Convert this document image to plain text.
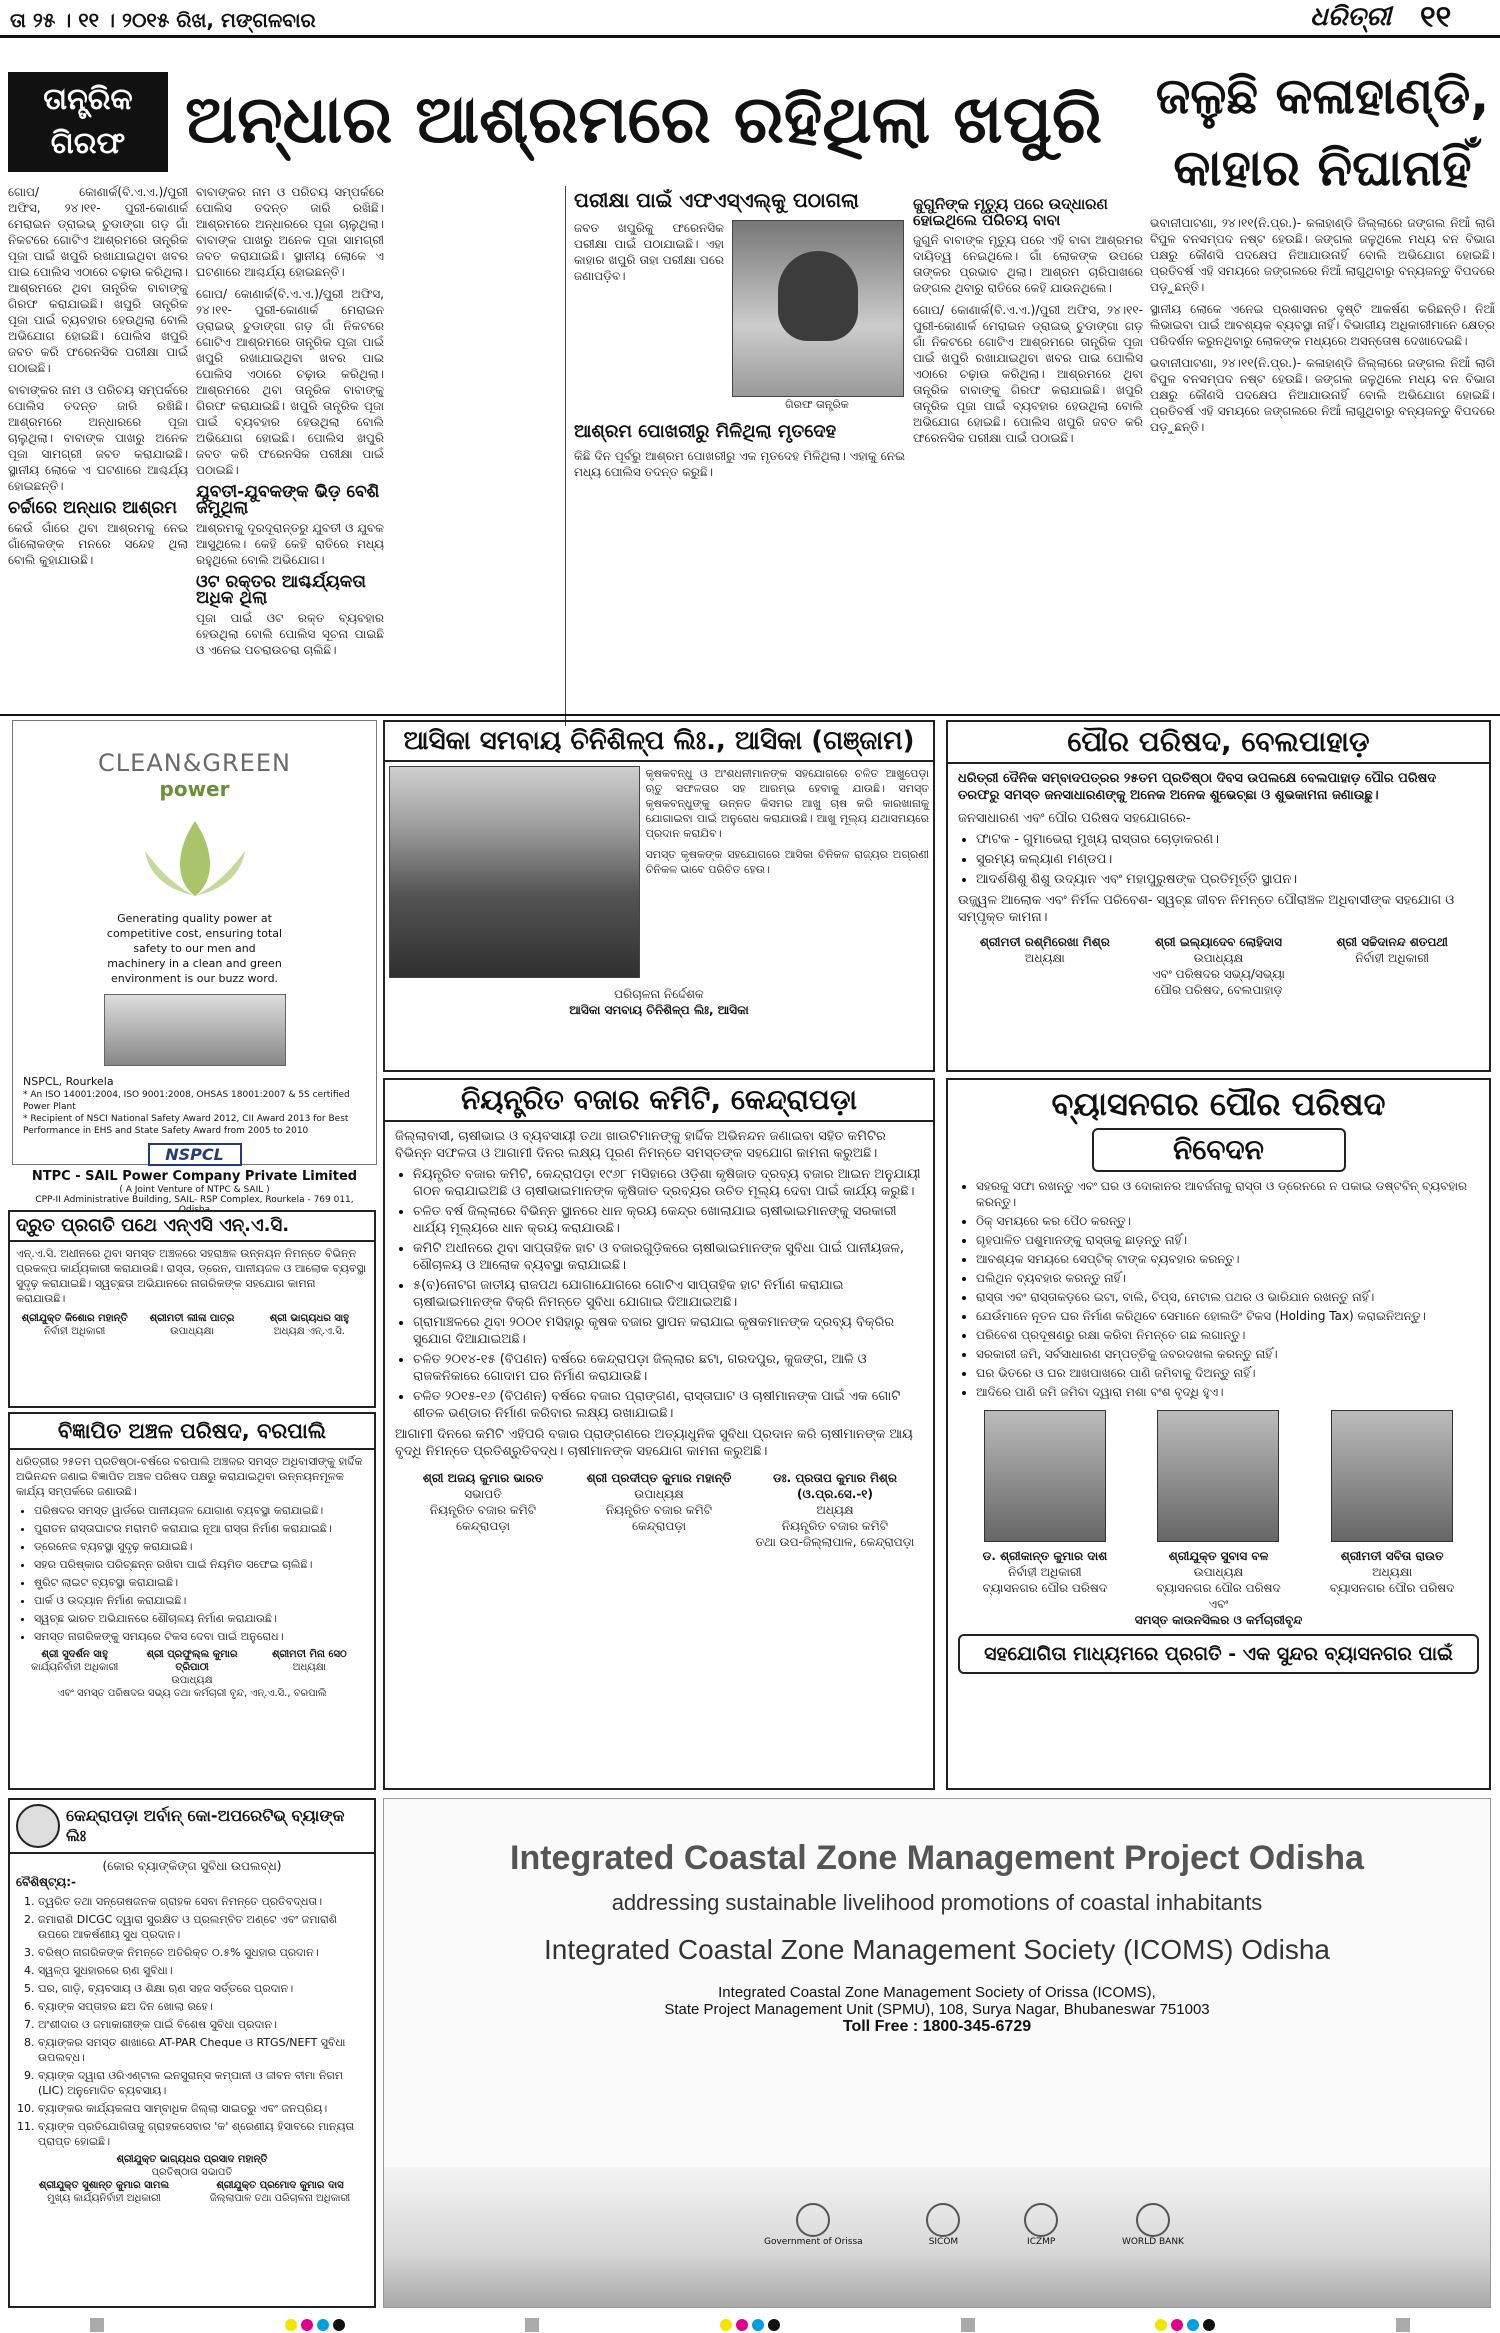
ତା ୨୫ । ୧୧ । ୨୦୧୫ ରିଖ, ମଙ୍ଗଳବାର	ଧରିତ୍ରୀ ୧୧
ତାନ୍ତ୍ରିକ ଗିରଫ ଅନ୍ଧାର ଆଶ୍ରମରେ ରହିଥିଲା ଖପୁରି	ଜଳୁଛି କଳାହାଣ୍ଡି, କାହାର ନିଘାନାହିଁ

ଗୋପ/ କୋଣାର୍କ(ବି.ଏ.ଏ.)/ପୁରୀ ଅଫିସ, ୨୪।୧୧- ପୁରୀ-କୋଣାର୍କ ମେରାଇନ ଡ୍ରାଇଭ୍ ଚୁଡାଙ୍ଗା ଗଡ଼ ଗାଁ ନିକଟରେ ଗୋଟିଏ ଆଶ୍ରମରେ ତାନ୍ତ୍ରିକ ପୂଜା ପାଇଁ ଖପୁରି ରଖାଯାଇଥିବା ଖବର ପାଇ ପୋଲିସ ଏଠାରେ ଚଢ଼ାଉ କରିଥିଲା। ଆଶ୍ରମରେ ଥିବା ତାନ୍ତ୍ରିକ ବାବାଙ୍କୁ ଗିରଫ କରାଯାଇଛି। ଖପୁରି ତାନ୍ତ୍ରିକ ପୂଜା ପାଇଁ ବ୍ୟବହାର ହେଉଥିଲା ବୋଲି ଅଭିଯୋଗ ହୋଇଛି। ପୋଲିସ ଖପୁରି ଜବତ କରି ଫରେନସିକ ପରୀକ୍ଷା ପାଇଁ ପଠାଇଛି।

ବାବାଙ୍କର ନାମ ଓ ପରିଚୟ ସମ୍ପର୍କରେ ପୋଲିସ ତଦନ୍ତ ଜାରି ରଖିଛି। ଆଶ୍ରମରେ ଅନ୍ଧାରରେ ପୂଜା ଚାଲୁଥିଲା। ବାବାଙ୍କ ପାଖରୁ ଅନେକ ପୂଜା ସାମଗ୍ରୀ ଜବତ କରାଯାଇଛି। ସ୍ଥାନୀୟ ଲୋକେ ଏ ଘଟଣାରେ ଆଶ୍ଚର୍ଯ୍ୟ ହୋଇଛନ୍ତି।

ଚର୍ଚ୍ଚାରେ ଅନ୍ଧାର ଆଶ୍ରମ

କେଉଁ ଗାଁରେ ଥିବା ଆଶ୍ରମକୁ ନେଇ ଗାଁଲୋକଙ୍କ ମନରେ ସନ୍ଦେହ ଥିଲା ବୋଲି କୁହାଯାଉଛି।

ବାବାଙ୍କର ନାମ ଓ ପରିଚୟ ସମ୍ପର୍କରେ ପୋଲିସ ତଦନ୍ତ ଜାରି ରଖିଛି। ଆଶ୍ରମରେ ଅନ୍ଧାରରେ ପୂଜା ଚାଲୁଥିଲା। ବାବାଙ୍କ ପାଖରୁ ଅନେକ ପୂଜା ସାମଗ୍ରୀ ଜବତ କରାଯାଇଛି। ସ୍ଥାନୀୟ ଲୋକେ ଏ ଘଟଣାରେ ଆଶ୍ଚର୍ଯ୍ୟ ହୋଇଛନ୍ତି।

ଗୋପ/ କୋଣାର୍କ(ବି.ଏ.ଏ.)/ପୁରୀ ଅଫିସ, ୨୪।୧୧- ପୁରୀ-କୋଣାର୍କ ମେରାଇନ ଡ୍ରାଇଭ୍ ଚୁଡାଙ୍ଗା ଗଡ଼ ଗାଁ ନିକଟରେ ଗୋଟିଏ ଆଶ୍ରମରେ ତାନ୍ତ୍ରିକ ପୂଜା ପାଇଁ ଖପୁରି ରଖାଯାଇଥିବା ଖବର ପାଇ ପୋଲିସ ଏଠାରେ ଚଢ଼ାଉ କରିଥିଲା। ଆଶ୍ରମରେ ଥିବା ତାନ୍ତ୍ରିକ ବାବାଙ୍କୁ ଗିରଫ କରାଯାଇଛି। ଖପୁରି ତାନ୍ତ୍ରିକ ପୂଜା ପାଇଁ ବ୍ୟବହାର ହେଉଥିଲା ବୋଲି ଅଭିଯୋଗ ହୋଇଛି। ପୋଲିସ ଖପୁରି ଜବତ କରି ଫରେନସିକ ପରୀକ୍ଷା ପାଇଁ ପଠାଇଛି।

ଯୁବତୀ-ଯୁବକଙ୍କ ଭିଡ଼ ବେଶି ଜମୁଥିଲା

ଆଶ୍ରମକୁ ଦୂରଦୂରାନ୍ତରୁ ଯୁବତୀ ଓ ଯୁବକ ଆସୁଥିଲେ। କେହି କେହି ରାତିରେ ମଧ୍ୟ ରହୁଥିଲେ ବୋଲି ଅଭିଯୋଗ।

ଓଟ ରକ୍ତର ଆଶ୍ଚର୍ଯ୍ୟକତା ଅଧିକ ଥିଲା

ପୂଜା ପାଇଁ ଓଟ ରକ୍ତ ବ୍ୟବହାର ହେଉଥିଲା ବୋଲି ପୋଲିସ ସୂଚନା ପାଇଛି ଓ ଏନେଇ ପଚରାଉଚରା ଚାଲିଛି।

ପରୀକ୍ଷା ପାଇଁ ଏଫଏସ୍‌ଏଲ୍‌କୁ ପଠାଗଲା

ଜବତ ଖପୁରିକୁ ଫରେନସିକ ପରୀକ୍ଷା ପାଇଁ ପଠାଯାଇଛି। ଏହା କାହାର ଖପୁରି ତାହା ପରୀକ୍ଷା ପରେ ଜଣାପଡ଼ିବ।

ଗିରଫ ତାନ୍ତ୍ରିକ
ଆଶ୍ରମ ପୋଖରୀରୁ ମିଳିଥିଲା ମୃତଦେହ

କିଛି ଦିନ ପୂର୍ବରୁ ଆଶ୍ରମ ପୋଖରୀରୁ ଏକ ମୃତଦେହ ମିଳିଥିଲା। ଏହାକୁ ନେଇ ମଧ୍ୟ ପୋଲିସ ତଦନ୍ତ କରୁଛି।

ଜୁଗୁନିଙ୍କ ମୃତ୍ୟୁ ପରେ ଉଦ୍ଧାରଣ ହୋଇଥିଲେ ପରିଚୟ ବାବା

ଜୁଗୁନି ବାବାଙ୍କ ମୃତ୍ୟୁ ପରେ ଏହି ବାବା ଆଶ୍ରମର ଦାୟିତ୍ୱ ନେଇଥିଲେ। ଗାଁ ଲୋକଙ୍କ ଉପରେ ତାଙ୍କର ପ୍ରଭାବ ଥିଲା। ଆଶ୍ରମ ଚାରିପାଖରେ ଜଙ୍ଗଲ ଥିବାରୁ ରାତିରେ କେହି ଯାଉନଥିଲେ।

ଗୋପ/ କୋଣାର୍କ(ବି.ଏ.ଏ.)/ପୁରୀ ଅଫିସ, ୨୪।୧୧- ପୁରୀ-କୋଣାର୍କ ମେରାଇନ ଡ୍ରାଇଭ୍ ଚୁଡାଙ୍ଗା ଗଡ଼ ଗାଁ ନିକଟରେ ଗୋଟିଏ ଆଶ୍ରମରେ ତାନ୍ତ୍ରିକ ପୂଜା ପାଇଁ ଖପୁରି ରଖାଯାଇଥିବା ଖବର ପାଇ ପୋଲିସ ଏଠାରେ ଚଢ଼ାଉ କରିଥିଲା। ଆଶ୍ରମରେ ଥିବା ତାନ୍ତ୍ରିକ ବାବାଙ୍କୁ ଗିରଫ କରାଯାଇଛି। ଖପୁରି ତାନ୍ତ୍ରିକ ପୂଜା ପାଇଁ ବ୍ୟବହାର ହେଉଥିଲା ବୋଲି ଅଭିଯୋଗ ହୋଇଛି। ପୋଲିସ ଖପୁରି ଜବତ କରି ଫରେନସିକ ପରୀକ୍ଷା ପାଇଁ ପଠାଇଛି।

ଭବାନୀପାଟଣା, ୨୪।୧୧(ନି.ପ୍ର.)- କଳାହାଣ୍ଡି ଜିଲ୍ଲାରେ ଜଙ୍ଗଲ ନିଆଁ ଲାଗି ବିପୁଳ ବନସମ୍ପଦ ନଷ୍ଟ ହେଉଛି। ଜଙ୍ଗଲ ଜଳୁଥିଲେ ମଧ୍ୟ ବନ ବିଭାଗ ପକ୍ଷରୁ କୌଣସି ପଦକ୍ଷେପ ନିଆଯାଉନାହିଁ ବୋଲି ଅଭିଯୋଗ ହୋଇଛି। ପ୍ରତିବର୍ଷ ଏହି ସମୟରେ ଜଙ୍ଗଲରେ ନିଆଁ ଲାଗୁଥିବାରୁ ବନ୍ୟଜନ୍ତୁ ବିପଦରେ ପଡ଼ୁଛନ୍ତି।

ସ୍ଥାନୀୟ ଲୋକେ ଏନେଇ ପ୍ରଶାସନର ଦୃଷ୍ଟି ଆକର୍ଷଣ କରିଛନ୍ତି। ନିଆଁ ଲିଭାଇବା ପାଇଁ ଆବଶ୍ୟକ ବ୍ୟବସ୍ଥା ନାହିଁ। ବିଭାଗୀୟ ଅଧିକାରୀମାନେ କ୍ଷେତ୍ର ପରିଦର୍ଶନ କରୁନଥିବାରୁ ଲୋକଙ୍କ ମଧ୍ୟରେ ଅସନ୍ତୋଷ ଦେଖାଦେଇଛି।

ଭବାନୀପାଟଣା, ୨୪।୧୧(ନି.ପ୍ର.)- କଳାହାଣ୍ଡି ଜିଲ୍ଲାରେ ଜଙ୍ଗଲ ନିଆଁ ଲାଗି ବିପୁଳ ବନସମ୍ପଦ ନଷ୍ଟ ହେଉଛି। ଜଙ୍ଗଲ ଜଳୁଥିଲେ ମଧ୍ୟ ବନ ବିଭାଗ ପକ୍ଷରୁ କୌଣସି ପଦକ୍ଷେପ ନିଆଯାଉନାହିଁ ବୋଲି ଅଭିଯୋଗ ହୋଇଛି। ପ୍ରତିବର୍ଷ ଏହି ସମୟରେ ଜଙ୍ଗଲରେ ନିଆଁ ଲାଗୁଥିବାରୁ ବନ୍ୟଜନ୍ତୁ ବିପଦରେ ପଡ଼ୁଛନ୍ତି।

CLEAN&GREEN
power
Generating quality power at competitive cost, ensuring total safety to our men and machinery in a clean and green environment is our buzz word.
NSPCL, Rourkela
* An ISO 14001:2004, ISO 9001:2008, OHSAS 18001:2007 & 5S certified Power Plant
* Recipient of NSCI National Safety Award 2012, CII Award 2013 for Best Performance in EHS and State Safety Award from 2005 to 2010
NSPCL
NTPC - SAIL Power Company Private Limited
( A Joint Venture of NTPC & SAIL )
CPP-II Administrative Building, SAIL- RSP Complex, Rourkela - 769 011, Odisha
ଆସିକା ସମବାୟ ଚିନିଶିଳ୍ପ ଲିଃ., ଆସିକା (ଗଞ୍ଜାମ)

କୃଷକବନ୍ଧୁ ଓ ଅଂଶଧନୀମାନଙ୍କ ସହଯୋଗରେ ଚଳିତ ଆଖୁପେଡ଼ା ଋତୁ ସଫଳତାର ସହ ଆରମ୍ଭ ହେବାକୁ ଯାଉଛି। ସମସ୍ତ କୃଷକବନ୍ଧୁଙ୍କୁ ଉନ୍ନତ କିସମର ଆଖୁ ଚାଷ କରି କାରଖାନାକୁ ଯୋଗାଇବା ପାଇଁ ଅନୁରୋଧ କରାଯାଉଛି। ଆଖୁ ମୂଲ୍ୟ ଯଥାସମୟରେ ପ୍ରଦାନ କରାଯିବ।

ସମସ୍ତ କୃଷକଙ୍କ ସହଯୋଗରେ ଆସିକା ଚିନିକଳ ରାଜ୍ୟର ଅଗ୍ରଣୀ ଚିନିକଳ ଭାବେ ପରିଚିତ ହେଉ।

ପରିଚାଳନା ନିର୍ଦ୍ଦେଶକ
ଆସିକା ସମବାୟ ଚିନିଶିଳ୍ପ ଲିଃ, ଆସିକା
ପୌର ପରିଷଦ, ବେଲପାହାଡ଼
ଧରିତ୍ରୀ ଦୈନିକ ସମ୍ବାଦପତ୍ରର ୨୫ତମ ପ୍ରତିଷ୍ଠା ଦିବସ ଉପଲକ୍ଷେ ବେଲପାହାଡ଼ ପୌର ପରିଷଦ ତରଫରୁ ସମସ୍ତ ଜନସାଧାରଣଙ୍କୁ ଅନେକ ଅନେକ ଶୁଭେଚ୍ଛା ଓ ଶୁଭକାମନା ଜଣାଉଛୁ।
ଜନସାଧାରଣ ଏବଂ ପୌର ପରିଷଦ ସହଯୋଗରେ-
• ଫାଟକ - ଗୁମାଭେରା ମୁଖ୍ୟ ରାସ୍ତାର ଚୋଡ଼ାକରଣ।
• ସୁରମ୍ୟ କଲ୍ୟାଣ ମଣ୍ଡପ।
• ଆଦର୍ଶଶିଶୁ ଶିଶୁ ଉଦ୍ୟାନ ଏବଂ ମହାପୁରୁଷଙ୍କ ପ୍ରତିମୂର୍ତ୍ତି ସ୍ଥାପନ।
ଉଜ୍ଜ୍ୱଳ ଆଲୋକ ଏବଂ ନିର୍ମଳ ପରିବେଶ- ସ୍ୱଚ୍ଛ ଜୀବନ ନିମନ୍ତେ ପୌରାଞ୍ଚଳ ଅଧିବାସୀଙ୍କ ସହଯୋଗ ଓ ସମ୍ପୃକ୍ତ କାମନା।
ଶ୍ରୀମତୀ ରଶ୍ମିରେଖା ମିଶ୍ର
ଅଧ୍ୟକ୍ଷା
ଶ୍ରୀ ଇଲ୍ୟାଦେବ ଲୋହିଦାସ
ଉପାଧ୍ୟକ୍ଷ
ଶ୍ରୀ ସଚ୍ଚିଦାନନ୍ଦ ଶତପଥୀ
ନିର୍ବାହୀ ଅଧିକାରୀ
ଏବଂ ପରିଷଦର ସଭ୍ୟ/ସଭ୍ୟା
ପୌର ପରିଷଦ, ବେଲପାହାଡ଼
ନିୟନ୍ତ୍ରିତ ବଜାର କମିଟି, କେନ୍ଦ୍ରାପଡ଼ା
ଜିଲ୍ଲାବାସୀ, ଚାଷୀଭାଇ ଓ ବ୍ୟବସାୟୀ ତଥା ଖାଉଟିମାନଙ୍କୁ ହାର୍ଦ୍ଦିକ ଅଭିନନ୍ଦନ ଜଣାଇବା ସହିତ କମିଟିର ବିଭିନ୍ନ ସଫଳତା ଓ ଆଗାମୀ ଦିନର ଲକ୍ଷ୍ୟ ପୂରଣ ନିମନ୍ତେ ସମସ୍ତଙ୍କ ସହଯୋଗ କାମନା କରୁଅଛି।
• ନିୟନ୍ତ୍ରିତ ବଜାର କମିଟି, କେନ୍ଦ୍ରାପଡ଼ା ୧୯୬୮ ମସିହାରେ ଓଡ଼ିଶା କୃଷିଜାତ ଦ୍ରବ୍ୟ ବଜାର ଆଇନ ଅନୁଯାୟୀ ଗଠନ କରାଯାଇଅଛି ଓ ଚାଷୀଭାଇମାନଙ୍କ କୃଷିଜାତ ଦ୍ରବ୍ୟର ଉଚିତ ମୂଲ୍ୟ ଦେବା ପାଇଁ କାର୍ଯ୍ୟ କରୁଛି।
• ଚଳିତ ବର୍ଷ ଜିଲ୍ଲାରେ ବିଭିନ୍ନ ସ୍ଥାନରେ ଧାନ କ୍ରୟ କେନ୍ଦ୍ର ଖୋଲାଯାଇ ଚାଷୀଭାଇମାନଙ୍କୁ ସରକାରୀ ଧାର୍ଯ୍ୟ ମୂଲ୍ୟରେ ଧାନ କ୍ରୟ କରାଯାଉଛି।
• କମିଟି ଅଧୀନରେ ଥିବା ସାପ୍ତାହିକ ହାଟ ଓ ବଜାରଗୁଡ଼ିକରେ ଚାଷୀଭାଇମାନଙ୍କ ସୁବିଧା ପାଇଁ ପାନୀୟଜଳ, ଶୌଚାଳୟ ଓ ଆଲୋକ ବ୍ୟବସ୍ଥା କରାଯାଇଛି।
• ୫(ବ)ନୋଟଗ ଜାତୀୟ ରାଜପଥ ଯୋଗାଯୋଗରେ ଗୋଟିଏ ସାପ୍ତାହିକ ହାଟ ନିର୍ମାଣ କରାଯାଇ ଚାଷୀଭାଇମାନଙ୍କ ବିକ୍ରି ନିମନ୍ତେ ସୁବିଧା ଯୋଗାଇ ଦିଆଯାଇଅଛି।
• ଗ୍ରାମାଞ୍ଚଳରେ ଥିବା ୨୦୦୧ ମସିହାରୁ କୃଷକ ବଜାର ସ୍ଥାପନ କରାଯାଇ କୃଷକମାନଙ୍କ ଦ୍ରବ୍ୟ ବିକ୍ରିର ସୁଯୋଗ ଦିଆଯାଇଅଛି।
• ଚଳିତ ୨୦୧୪-୧୫ (ବିପଣନ) ବର୍ଷରେ କେନ୍ଦ୍ରାପଡ଼ା ଜିଲ୍ଲାର ଛଟା, ଗରଦପୁର, କୁଜଙ୍ଗ, ଆଳି ଓ ରାଜକନିକାରେ ଗୋଦାମ ଘର ନିର୍ମାଣ କରାଯାଉଛି।
• ଚଳିତ ୨୦୧୫-୧୬ (ବିପଣନ) ବର୍ଷରେ ବଜାର ପ୍ରାଙ୍ଗଣ, ରାସ୍ତାଘାଟ ଓ ଚାଷୀମାନଙ୍କ ପାଇଁ ଏକ ଗୋଟି ଶୀତଳ ଭଣ୍ଡାର ନିର୍ମାଣ କରିବାର ଲକ୍ଷ୍ୟ ରଖାଯାଇଛି।
ଆଗାମୀ ଦିନରେ କମିଟି ଏହିପରି ବଜାର ପ୍ରାଙ୍ଗଣରେ ଅତ୍ୟାଧୁନିକ ସୁବିଧା ପ୍ରଦାନ କରି ଚାଷୀମାନଙ୍କ ଆୟ ବୃଦ୍ଧି ନିମନ୍ତେ ପ୍ରତିଶ୍ରୁତିବଦ୍ଧ। ଚାଷୀମାନଙ୍କ ସହଯୋଗ କାମନା କରୁଅଛି।
ଶ୍ରୀ ଅଜୟ କୁମାର ଭାରତ
ସଭାପତି
ନିୟନ୍ତ୍ରିତ ବଜାର କମିଟି
କେନ୍ଦ୍ରାପଡ଼ା
ଶ୍ରୀ ପ୍ରଦୀପ୍ତ କୁମାର ମହାନ୍ତି
ଉପାଧ୍ୟକ୍ଷ
ନିୟନ୍ତ୍ରିତ ବଜାର କମିଟି
କେନ୍ଦ୍ରାପଡ଼ା
ଡଃ. ପ୍ରତାପ କୁମାର ମିଶ୍ର (ଓ.ପ୍ର.ସେ.-୧)
ଅଧ୍ୟକ୍ଷ
ନିୟନ୍ତ୍ରିତ ବଜାର କମିଟି
ତଥା ଉପ-ଜିଲ୍ଲାପାଳ, କେନ୍ଦ୍ରାପଡ଼ା
ଦ୍ରୁତ ପ୍ରଗତି ପଥେ ଏନ୍‌ଏସି ଏନ୍‌.ଏ.ସି.
ଏନ୍‌.ଏ.ସି. ଅଧୀନରେ ଥିବା ସମସ୍ତ ଅଞ୍ଚଳରେ ସହରାଞ୍ଚଳ ଉନ୍ନୟନ ନିମନ୍ତେ ବିଭିନ୍ନ ପ୍ରକଳ୍ପ କାର୍ଯ୍ୟକାରୀ କରାଯାଉଛି। ରାସ୍ତା, ଡ୍ରେନ, ପାନୀୟଜଳ ଓ ଆଲୋକ ବ୍ୟବସ୍ଥା ସୁଦୃଢ଼ କରାଯାଇଛି। ସ୍ୱଚ୍ଛତା ଅଭିଯାନରେ ନାଗରିକଙ୍କ ସହଯୋଗ କାମନା କରାଯାଉଛି।
ଶ୍ରୀଯୁକ୍ତ କିଶୋର ମହାନ୍ତି
ନିର୍ବାହୀ ଅଧିକାରୀ
ଶ୍ରୀମତୀ ଲୀଳା ପାତ୍ର
ଉପାଧ୍ୟକ୍ଷା
ଶ୍ରୀ ଭାଗ୍ୟଧର ସାହୁ
ଅଧ୍ୟକ୍ଷ ଏନ୍‌.ଏ.ସି.
ବିଜ୍ଞାପିତ ଅଞ୍ଚଳ ପରିଷଦ, ବରପାଲି
ଧରିତ୍ରୀର ୨୫ତମ ପ୍ରତିଷ୍ଠା-ବର୍ଷରେ ବରପାଲି ଅଞ୍ଚଳର ସମସ୍ତ ଅଧିବାସୀଙ୍କୁ ହାର୍ଦ୍ଦିକ ଅଭିନନ୍ଦନ ଜଣାଇ ବିଜ୍ଞାପିତ ଅଞ୍ଚଳ ପରିଷଦ ପକ୍ଷରୁ କରାଯାଇଥିବା ଉନ୍ନୟନମୂଳକ କାର୍ଯ୍ୟ ସମ୍ପର୍କରେ ଜଣାଉଛି।
• ପରିଷଦର ସମସ୍ତ ୱାର୍ଡରେ ପାନୀୟଜଳ ଯୋଗାଣ ବ୍ୟବସ୍ଥା କରାଯାଇଛି।
• ପୁରାତନ ରାସ୍ତାଘାଟର ମରାମତି କରାଯାଇ ନୂଆ ରାସ୍ତା ନିର୍ମାଣ କରାଯାଇଛି।
• ଡ୍ରେନେଜ ବ୍ୟବସ୍ଥା ସୁଦୃଢ଼ କରାଯାଇଛି।
• ସହର ପରିଷ୍କାର ପରିଚ୍ଛନ୍ନ ରଖିବା ପାଇଁ ନିୟମିତ ସଫେଇ ଚାଲିଛି।
• ଷ୍ଟ୍ରିଟ ଲାଇଟ ବ୍ୟବସ୍ଥା କରାଯାଇଛି।
• ପାର୍କ ଓ ଉଦ୍ୟାନ ନିର୍ମାଣ କରାଯାଇଛି।
• ସ୍ୱଚ୍ଛ ଭାରତ ଅଭିଯାନରେ ଶୌଚାଳୟ ନିର୍ମାଣ କରାଯାଉଛି।
• ସମସ୍ତ ନାଗରିକଙ୍କୁ ସମୟରେ ଟିକସ ଦେବା ପାଇଁ ଅନୁରୋଧ।
ଶ୍ରୀ ସୁଦର୍ଶନ ସାହୁ
କାର୍ଯ୍ୟନିର୍ବାହୀ ଅଧିକାରୀ
ଶ୍ରୀ ପ୍ରଫୁଲ୍ଲ କୁମାର ତ୍ରିପାଠୀ
ଉପାଧ୍ୟକ୍ଷ
ଶ୍ରୀମତୀ ମିନା ସେଠ
ଅଧ୍ୟକ୍ଷା
ଏବଂ ସମସ୍ତ ପରିଷଦର ସଭ୍ୟ ତଥା କର୍ମଚାରୀ ବୃନ୍ଦ, ଏନ୍‌.ଏ.ସି., ବରପାଲି
ବ୍ୟାସନଗର ପୌର ପରିଷଦ
ନିବେଦନ
• ସହରକୁ ସଫା ରଖନ୍ତୁ ଏବଂ ଘର ଓ ଦୋକାନର ଆବର୍ଜନାକୁ ରାସ୍ତା ଓ ଡ୍ରେନରେ ନ ପକାଇ ଡଷ୍ଟବିନ୍ ବ୍ୟବହାର କରନ୍ତୁ।
• ଠିକ୍ ସମୟରେ କର ପୈଠ କରନ୍ତୁ।
• ଗୃହପାଳିତ ପଶୁମାନଙ୍କୁ ରାସ୍ତାକୁ ଛାଡ଼ନ୍ତୁ ନାହିଁ।
• ଆବଶ୍ୟକ ସମୟରେ ସେପ୍ଟିକ୍ ଟାଙ୍କ ବ୍ୟବହାର କରନ୍ତୁ।
• ପଲିଥିନ ବ୍ୟବହାର କରନ୍ତୁ ନାହିଁ।
• ରାସ୍ତା ଏବଂ ରାସ୍ତାକଡ଼ରେ ଇଟା, ବାଲି, ଚିପ୍ସ, ମେଟାଲ ପଥର ଓ ଭାରିଯାନ ରଖନ୍ତୁ ନାହିଁ।
• ଯେଉଁମାନେ ନୂତନ ଘର ନିର୍ମାଣ କରିଥିବେ ସେମାନେ ହୋଲଡିଂ ଟିକସ (Holding Tax) କରାଇନିଅନ୍ତୁ।
• ପରିବେଶ ପ୍ରଦୂଷଣରୁ ରକ୍ଷା କରିବା ନିମନ୍ତେ ଗଛ ଲଗାନ୍ତୁ।
• ସରକାରୀ ଜମି, ସର୍ବସାଧାରଣ ସମ୍ପତ୍ତିକୁ ଜବରଦଖଲ କରନ୍ତୁ ନାହିଁ।
• ଘର ଭିତରେ ଓ ଘର ଆଖପାଖରେ ପାଣି ଜମିବାକୁ ଦିଅନ୍ତୁ ନାହିଁ।
• ଆଦିରେ ପାଣି ଜମି ଜମିବା ଦ୍ୱାରା ମଶା ବଂଶ ବୃଦ୍ଧି ହୁଏ।
ଡ. ଶ୍ରୀକାନ୍ତ କୁମାର ଦାଶ
ନିର୍ବାହୀ ଅଧିକାରୀ
ବ୍ୟାସନଗର ପୌର ପରିଷଦ
ଶ୍ରୀଯୁକ୍ତ ସୁବାସ ବଳ
ଉପାଧ୍ୟକ୍ଷ
ବ୍ୟାସନଗର ପୌର ପରିଷଦ
ଶ୍ରୀମତୀ ସବିତା ରାଉତ
ଅଧ୍ୟକ୍ଷା
ବ୍ୟାସନଗର ପୌର ପରିଷଦ
ଏବଂ
ସମସ୍ତ କାଉନସିଲର ଓ କର୍ମଚାରୀବୃନ୍ଦ
ସହଯୋଗିତା ମାଧ୍ୟମରେ ପ୍ରଗତି - ଏକ ସୁନ୍ଦର ବ୍ୟାସନଗର ପାଇଁ
କେନ୍ଦ୍ରାପଡ଼ା ଅର୍ବାନ୍ କୋ-ଅପରେଟିଭ୍ ବ୍ୟାଙ୍କ ଲିଃ
(କୋର ବ୍ୟାଙ୍କିଙ୍ଗ ସୁବିଧା ଉପଲବ୍ଧ)
ବୈଶିଷ୍ଟ୍ୟ:-
1. ତ୍ୱରିତ ତଥା ସନ୍ତୋଷଜନକ ଗ୍ରାହକ ସେବା ନିମନ୍ତେ ପ୍ରତିବଦ୍ଧତା।
2. ଜମାରାଶି DICGC ଦ୍ୱାରା ସୁରକ୍ଷିତ ଓ ପ୍ରଲମ୍ବିତ ଅଣ୍ଟେ ଏବଂ ଜମାରାଶି ଉପରେ ଆକର୍ଷଣୀୟ ସୁଧ ପ୍ରଦାନ।
3. ବରିଷ୍ଠ ନାଗରିକଙ୍କ ନିମନ୍ତେ ଅତିରିକ୍ତ ୦.୫% ସୁଧହାର ପ୍ରଦାନ।
4. ସ୍ୱଳ୍ପ ସୁଧହାରରେ ଋଣ ସୁବିଧା।
5. ଘର, ଗାଡ଼ି, ବ୍ୟବସାୟ ଓ ଶିକ୍ଷା ଋଣ ସହଜ ସର୍ତ୍ତରେ ପ୍ରଦାନ।
6. ବ୍ୟାଙ୍କ ସପ୍ତାହର ଛଅ ଦିନ ଖୋଲା ରହେ।
7. ଅଂଶୀଦାର ଓ ଜମାକାରୀଙ୍କ ପାଇଁ ବିଶେଷ ସୁବିଧା ପ୍ରଦାନ।
8. ବ୍ୟାଙ୍କର ସମସ୍ତ ଶାଖାରେ AT-PAR Cheque ଓ RTGS/NEFT ସୁବିଧା ଉପଲବ୍ଧ।
9. ବ୍ୟାଙ୍କ ଦ୍ୱାରା ଓରିଏଣ୍ଟାଲ ଇନସୁରାନ୍ସ କମ୍ପାନୀ ଓ ଜୀବନ ବୀମା ନିଗମ (LIC) ଅନୁମୋଦିତ ବ୍ୟବସାୟ।
10. ବ୍ୟାଙ୍କର କାର୍ଯ୍ୟକଳାପ ସାମ୍ବାଧିକ ଜିଲ୍ଲା ସାଇତ୍ରୁ ଏବଂ ଜନପ୍ରିୟ।
11. ବ୍ୟାଙ୍କ ପ୍ରତିଯୋଗିତାକୁ ଗ୍ରାହକସେବାର 'କ' ଶ୍ରେଣୀୟ ହିସାବରେ ମାନ୍ୟତା ପ୍ରାପ୍ତ ହୋଇଛି।
ଶ୍ରୀଯୁକ୍ତ ଭାଗ୍ୟଧର ପ୍ରସାଦ ମହାନ୍ତି
ପ୍ରତିଷ୍ଠାତା ସଭାପତି
ଶ୍ରୀଯୁକ୍ତ ସୁଶାନ୍ତ କୁମାର ସାମଲ
ମୁଖ୍ୟ କାର୍ଯ୍ୟନିର୍ବାହୀ ଅଧିକାରୀ
ଶ୍ରୀଯୁକ୍ତ ପ୍ରମୋଦ କୁମାର ଦାସ
ଜିଲ୍ଲାପାଳ ତଥା ପରିଚାଳନା ଅଧିକାରୀ
Integrated Coastal Zone Management Project Odisha
addressing sustainable livelihood promotions of coastal inhabitants
Integrated Coastal Zone Management Society (ICOMS) Odisha
Integrated Coastal Zone Management Society of Orissa (ICOMS),
State Project Management Unit (SPMU), 108, Surya Nagar, Bhubaneswar 751003
Toll Free : 1800-345-6729
Government of Orissa	SICOM	ICZMP	WORLD BANK
